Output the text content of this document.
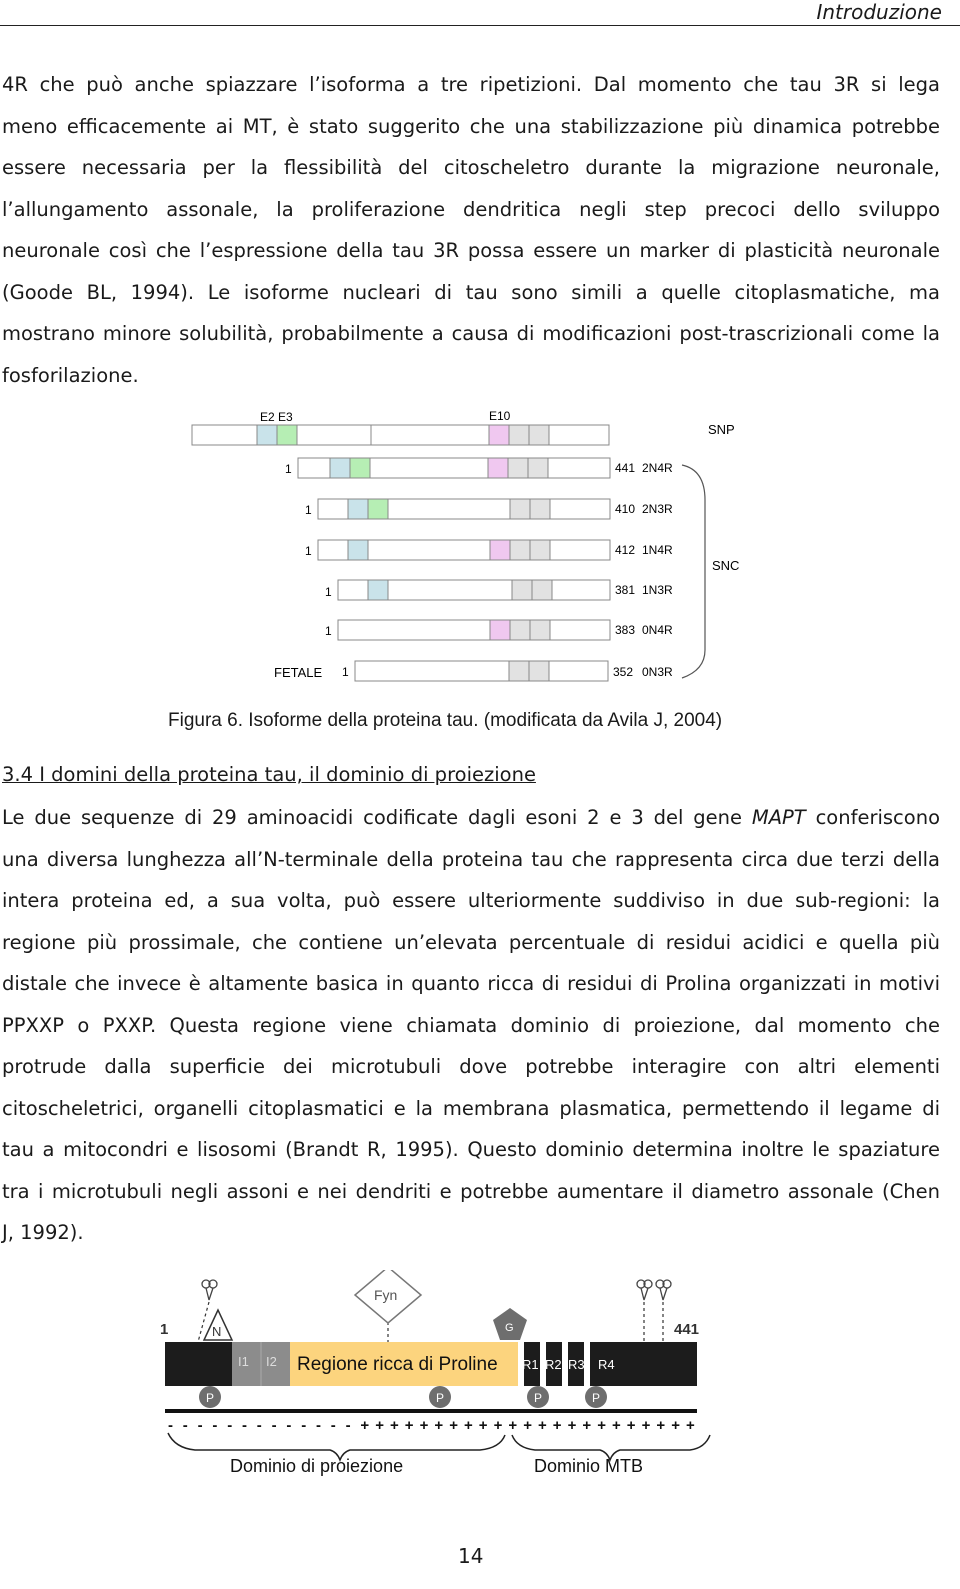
Introduzione
4R che può anche spiazzare l’isoforma a tre ripetizioni. Dal momento che tau 3R si lega
meno efficacemente ai MT, è stato suggerito che una stabilizzazione più dinamica potrebbe
essere necessaria per la flessibilità del citoscheletro durante la migrazione neuronale,
l’allungamento assonale, la proliferazione dendritica negli step precoci dello sviluppo
neuronale così che l’espressione della tau 3R possa essere un marker di plasticità neuronale
(Goode BL, 1994). Le isoforme nucleari di tau sono simili a quelle citoplasmatiche, ma
mostrano minore solubilità, probabilmente a causa di modificazioni post-trascrizionali come la
fosforilazione.
E2 E3	E10
SNP
SNC
FETALE
1	441 2N4R
1	410 2N3R
1	412 1N4R
1	381 1N3R
1	383 0N4R
1	352 0N3R
Figura 6. Isoforme della proteina tau. (modificata da Avila J, 2004)
3.4 I domini della proteina tau, il dominio di proiezione
Le due sequenze di 29 aminoacidi codificate dagli esoni 2 e 3 del gene MAPT conferiscono
una diversa lunghezza all’N-terminale della proteina tau che rappresenta circa due terzi della
intera proteina ed, a sua volta, può essere ulteriormente suddiviso in due sub-regioni: la
regione più prossimale, che contiene un’elevata percentuale di residui acidici e quella più
distale che invece è altamente basica in quanto ricca di residui di Prolina organizzati in motivi
PPXXP o PXXP. Questa regione viene chiamata dominio di proiezione, dal momento che
protrude dalla superficie dei microtubuli dove potrebbe interagire con altri elementi
citoscheletrici, organelli citoplasmatici e la membrana plasmatica, permettendo il legame di
tau a mitocondri e lisosomi (Brandt R, 1995). Questo dominio determina inoltre le spaziature
tra i microtubuli negli assoni e nei dendriti e potrebbe aumentare il diametro assonale (Chen
J, 1992).
1	441
N
Fyn
G
I1 I2 Regione ricca di Proline R1 R2 R3 R4
P	P	P	P
- - - - - - - - - - - - - + + + + + + + + + + + + + + + + + + + + + + +
Dominio di proiezione	Dominio MTB
14
